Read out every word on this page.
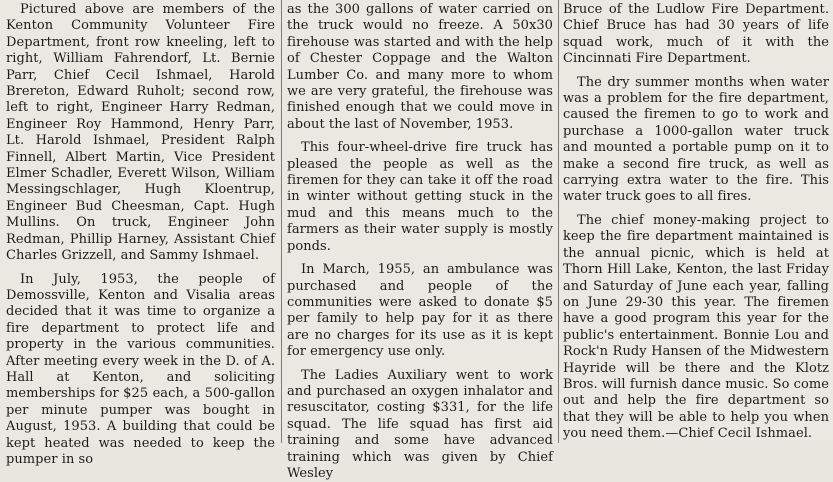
Pictured above are members of the Kenton Community Volunteer Fire Department, front row kneeling, left to right, William Fahrendorf, Lt. Bernie Parr, Chief Cecil Ishmael, Harold Brereton, Edward Ruholt; second row, left to right, Engineer Harry Redman, Engineer Roy Hammond, Henry Parr, Lt. Harold Ishmael, President Ralph Finnell, Albert Martin, Vice President Elmer Schadler, Everett Wilson, William Messingschlager, Hugh Kloentrup, Engineer Bud Cheesman, Capt. Hugh Mullins. On truck, Engineer John Redman, Phillip Harney, Assistant Chief Charles Grizzell, and Sammy Ishmael.

In July, 1953, the people of Demossville, Kenton and Visalia areas decided that it was time to organize a fire department to protect life and property in the various communities. After meeting every week in the D. of A. Hall at Kenton, and soliciting memberships for $25 each, a 500-gallon per minute pumper was bought in August, 1953. A building that could be kept heated was needed to keep the pumper in so

as the 300 gallons of water carried on the truck would no freeze. A 50x30 firehouse was started and with the help of Chester Coppage and the Walton Lumber Co. and many more to whom we are very grateful, the firehouse was finished enough that we could move in about the last of November, 1953.

This four-wheel-drive fire truck has pleased the people as well as the firemen for they can take it off the road in winter without getting stuck in the mud and this means much to the farmers as their water supply is mostly ponds.

In March, 1955, an ambulance was purchased and people of the communities were asked to donate $5 per family to help pay for it as there are no charges for its use as it is kept for emergency use only.

The Ladies Auxiliary went to work and purchased an oxygen inhalator and resuscitator, costing $331, for the life squad. The life squad has first aid training and some have advanced training which was given by Chief Wesley

Bruce of the Ludlow Fire Department. Chief Bruce has had 30 years of life squad work, much of it with the Cincinnati Fire Department.

The dry summer months when water was a problem for the fire department, caused the firemen to go to work and purchase a 1000-gallon water truck and mounted a portable pump on it to make a second fire truck, as well as carrying extra water to the fire. This water truck goes to all fires.

The chief money-making project to keep the fire department maintained is the annual picnic, which is held at Thorn Hill Lake, Kenton, the last Friday and Saturday of June each year, falling on June 29-30 this year. The firemen have a good program this year for the public's entertainment. Bonnie Lou and Rock'n Rudy Hansen of the Midwestern Hayride will be there and the Klotz Bros. will furnish dance music. So come out and help the fire department so that they will be able to help you when you need them.—Chief Cecil Ishmael.
